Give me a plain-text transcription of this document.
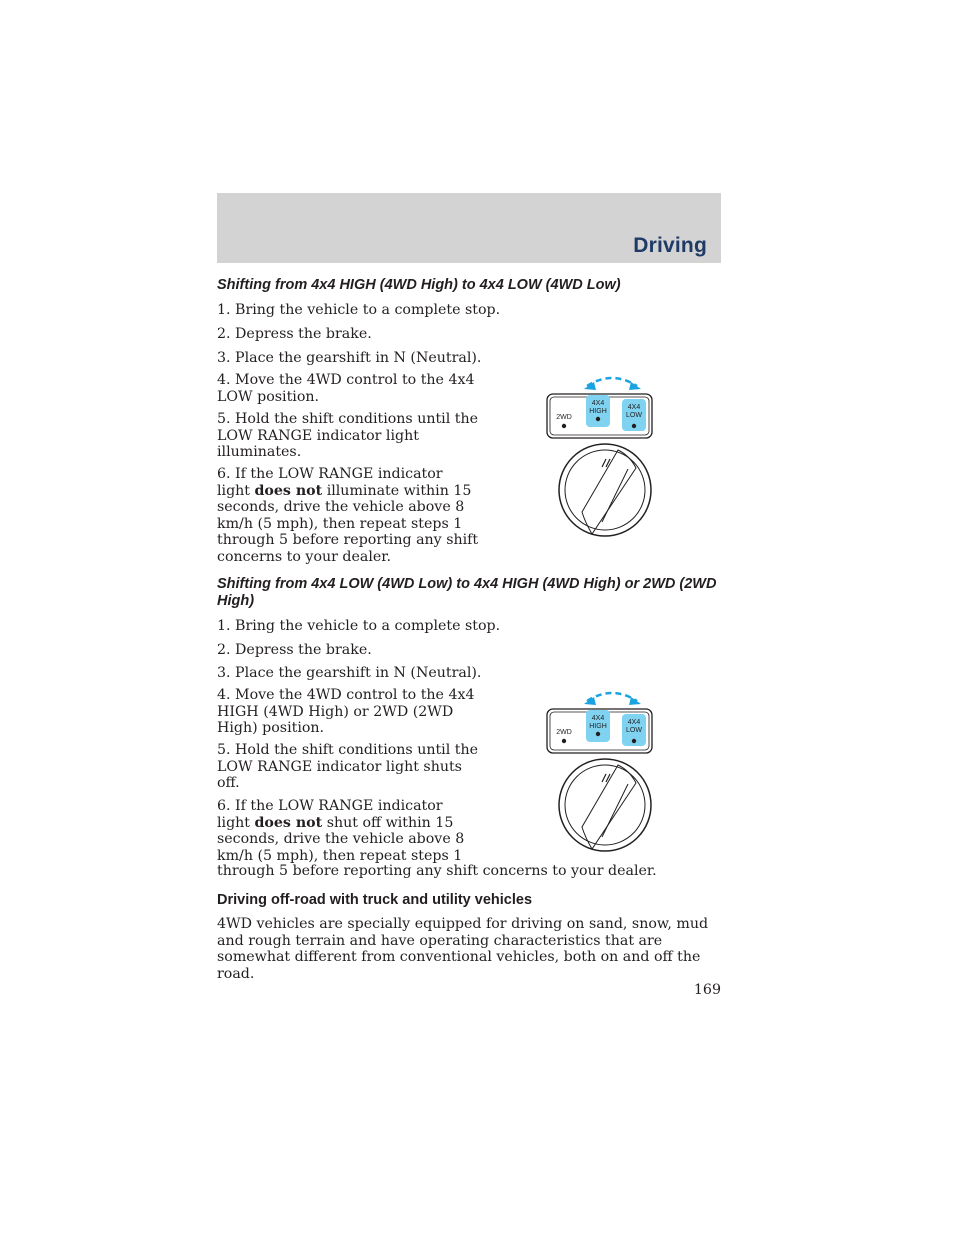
Driving
Shifting from 4x4 HIGH (4WD High) to 4x4 LOW (4WD Low)

1. Bring the vehicle to a complete stop.

2. Depress the brake.

3. Place the gearshift in N (Neutral).

4. Move the 4WD control to the 4x4 LOW position.

5. Hold the shift conditions until the LOW RANGE indicator light illuminates.

6. If the LOW RANGE indicator light does not illuminate within 15 seconds, drive the vehicle above 8 km/h (5 mph), then repeat steps 1 through 5 before reporting any shift concerns to your dealer.

2WD
4X4
HIGH
4X4
LOW
Shifting from 4x4 LOW (4WD Low) to 4x4 HIGH (4WD High) or 2WD (2WD High)

1. Bring the vehicle to a complete stop.

2. Depress the brake.

3. Place the gearshift in N (Neutral).

4. Move the 4WD control to the 4x4 HIGH (4WD High) or 2WD (2WD High) position.

5. Hold the shift conditions until the LOW RANGE indicator light shuts off.

6. If the LOW RANGE indicator light does not shut off within 15 seconds, drive the vehicle above 8 km/h (5 mph), then repeat steps 1

through 5 before reporting any shift concerns to your dealer.

2WD
4X4
HIGH
4X4
LOW
Driving off-road with truck and utility vehicles

4WD vehicles are specially equipped for driving on sand, snow, mud and rough terrain and have operating characteristics that are somewhat different from conventional vehicles, both on and off the road.

169
